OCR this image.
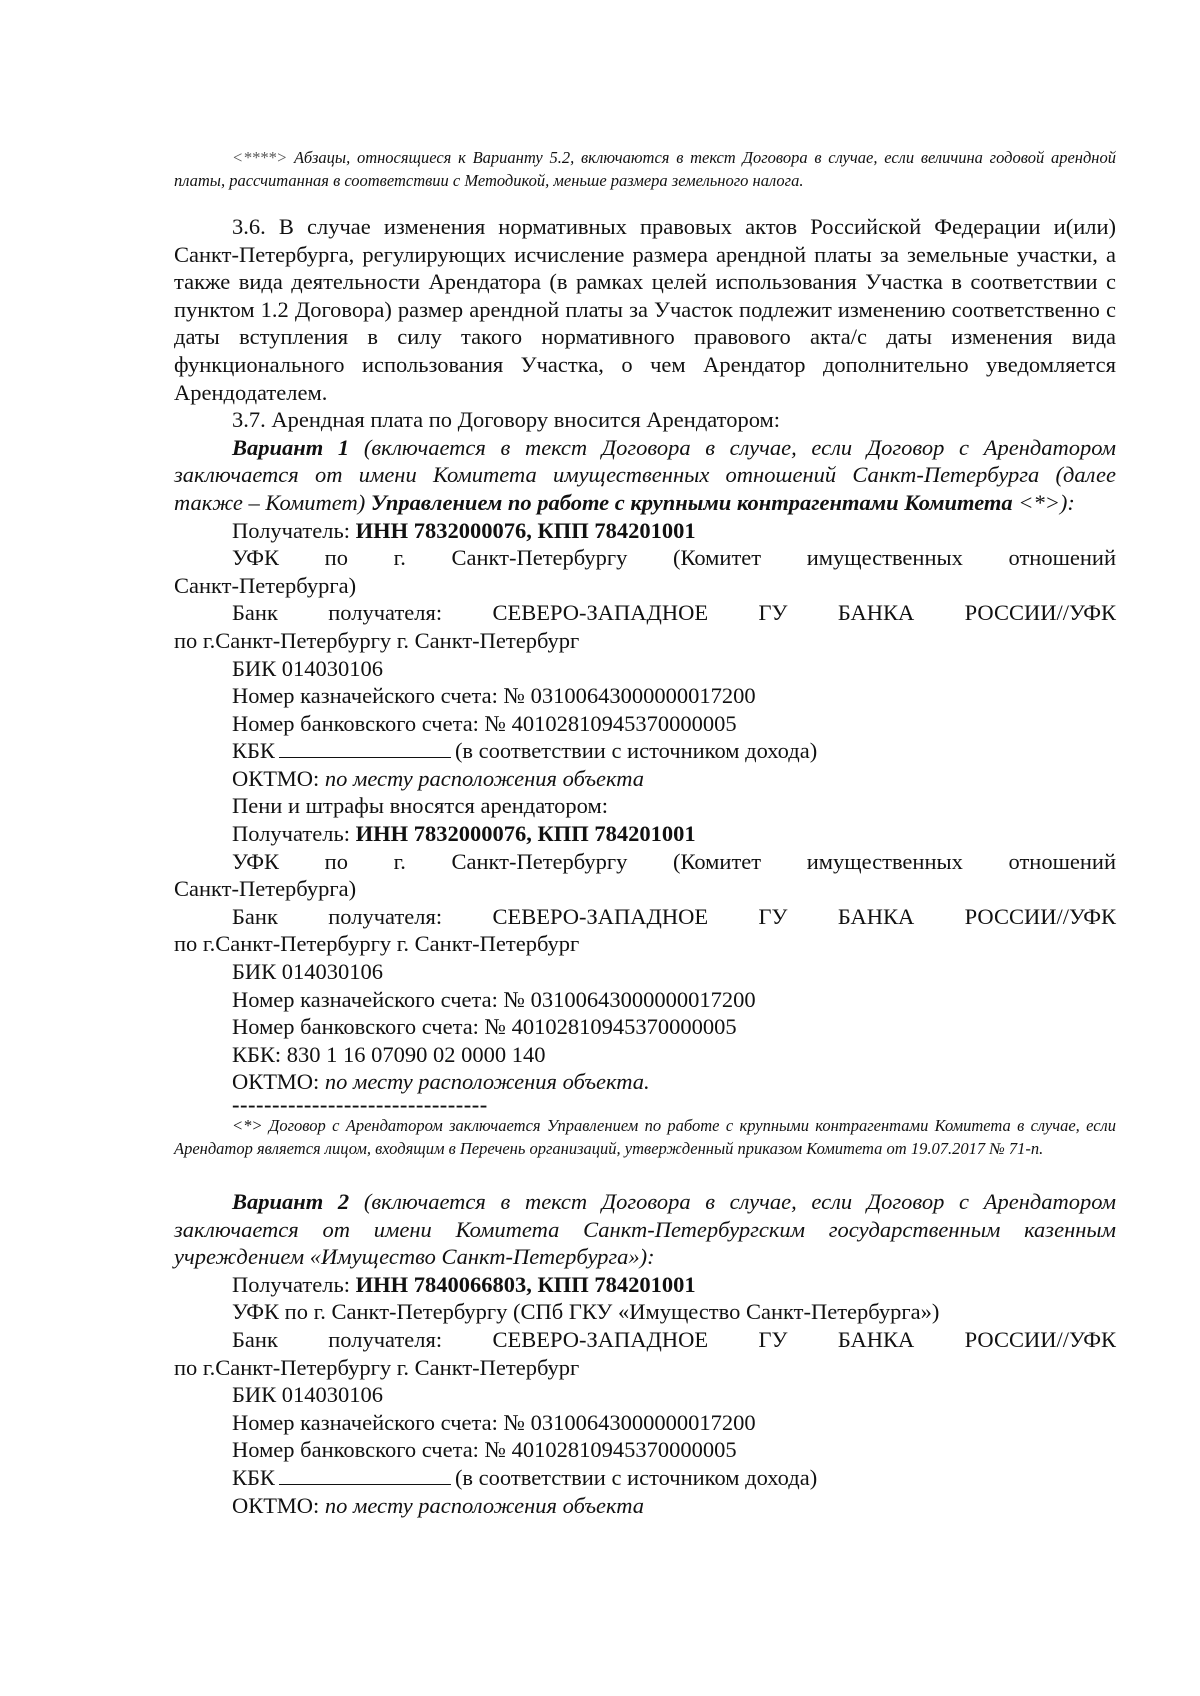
<****> Абзацы, относящиеся к Варианту 5.2, включаются в текст Договора в случае, если величина годовой арендной платы, рассчитанная в соответствии с Методикой, меньше размера земельного налога.
3.6. В случае изменения нормативных правовых актов Российской Федерации и(или) Санкт-Петербурга, регулирующих исчисление размера арендной платы за земельные участки, а также вида деятельности Арендатора (в рамках целей использования Участка в соответствии с пунктом 1.2 Договора) размер арендной платы за Участок подлежит изменению соответственно с даты вступления в силу такого нормативного правового акта/с даты изменения вида функционального использования Участка, о чем Арендатор дополнительно уведомляется Арендодателем.
3.7. Арендная плата по Договору вносится Арендатором:
Вариант 1 (включается в текст Договора в случае, если Договор с Арендатором заключается от имени Комитета имущественных отношений Санкт-Петербурга (далее также – Комитет) Управлением по работе с крупными контрагентами Комитета <*>):
Получатель: ИНН 7832000076, КПП 784201001
УФК по г. Санкт-Петербургу (Комитет имущественных отношений
Санкт-Петербурга)
Банк получателя: СЕВЕРО-ЗАПАДНОЕ ГУ БАНКА РОССИИ//УФК
по г.Санкт-Петербургу г. Санкт-Петербург
БИК 014030106
Номер казначейского счета: № 03100643000000017200
Номер банковского счета: № 40102810945370000005
КБК	(в соответствии с источником дохода)
ОКТМО: по месту расположения объекта
Пени и штрафы вносятся арендатором:
Получатель: ИНН 7832000076, КПП 784201001
УФК по г. Санкт-Петербургу (Комитет имущественных отношений
Санкт-Петербурга)
Банк получателя: СЕВЕРО-ЗАПАДНОЕ ГУ БАНКА РОССИИ//УФК
по г.Санкт-Петербургу г. Санкт-Петербург
БИК 014030106
Номер казначейского счета: № 03100643000000017200
Номер банковского счета: № 40102810945370000005
КБК: 830 1 16 07090 02 0000 140
ОКТМО: по месту расположения объекта.
--------------------------------
<*> Договор с Арендатором заключается Управлением по работе с крупными контрагентами Комитета в случае, если Арендатор является лицом, входящим в Перечень организаций, утвержденный приказом Комитета от 19.07.2017 № 71-п.
Вариант 2 (включается в текст Договора в случае, если Договор с Арендатором заключается от имени Комитета Санкт-Петербургским государственным казенным учреждением «Имущество Санкт-Петербурга»):
Получатель: ИНН 7840066803, КПП 784201001
УФК по г. Санкт-Петербургу (СПб ГКУ «Имущество Санкт-Петербурга»)
Банк получателя: СЕВЕРО-ЗАПАДНОЕ ГУ БАНКА РОССИИ//УФК
по г.Санкт-Петербургу г. Санкт-Петербург
БИК 014030106
Номер казначейского счета: № 03100643000000017200
Номер банковского счета: № 40102810945370000005
КБК	(в соответствии с источником дохода)
ОКТМО: по месту расположения объекта
